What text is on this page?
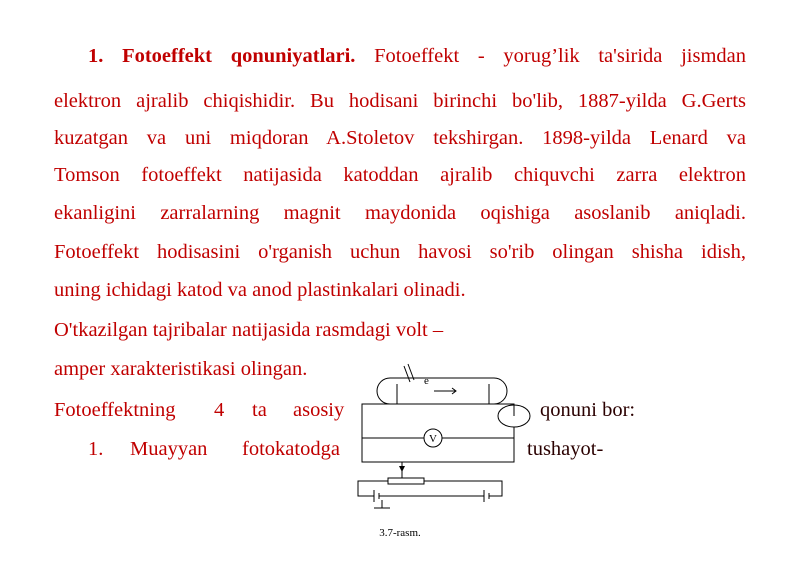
1. Fotoeffekt qonuniyatlari. Fotoeffekt - yorug’lik ta'sirida jismdan
elektron ajralib chiqishidir. Bu hodisani birinchi bo'lib, 1887-yilda G.Gerts
kuzatgan va uni miqdoran A.Stoletov tekshirgan. 1898-yilda Lenard va
Tomson fotoeffekt natijasida katoddan ajralib chiquvchi zarra elektron
ekanligini zarralarning magnit maydonida oqishiga asoslanib aniqladi.
Fotoeffekt hodisasini o'rganish uchun havosi so'rib olingan shisha idish,
uning ichidagi katod va anod plastinkalari olinadi.
O'tkazilgan tajribalar natijasida rasmdagi volt –
amper xarakteristikasi olingan.
Fotoeffektning 4 ta asosiy	qonuni bor:
1. Muayyan fotokatodga	tushayot-
e
V
3.7-rasm.
